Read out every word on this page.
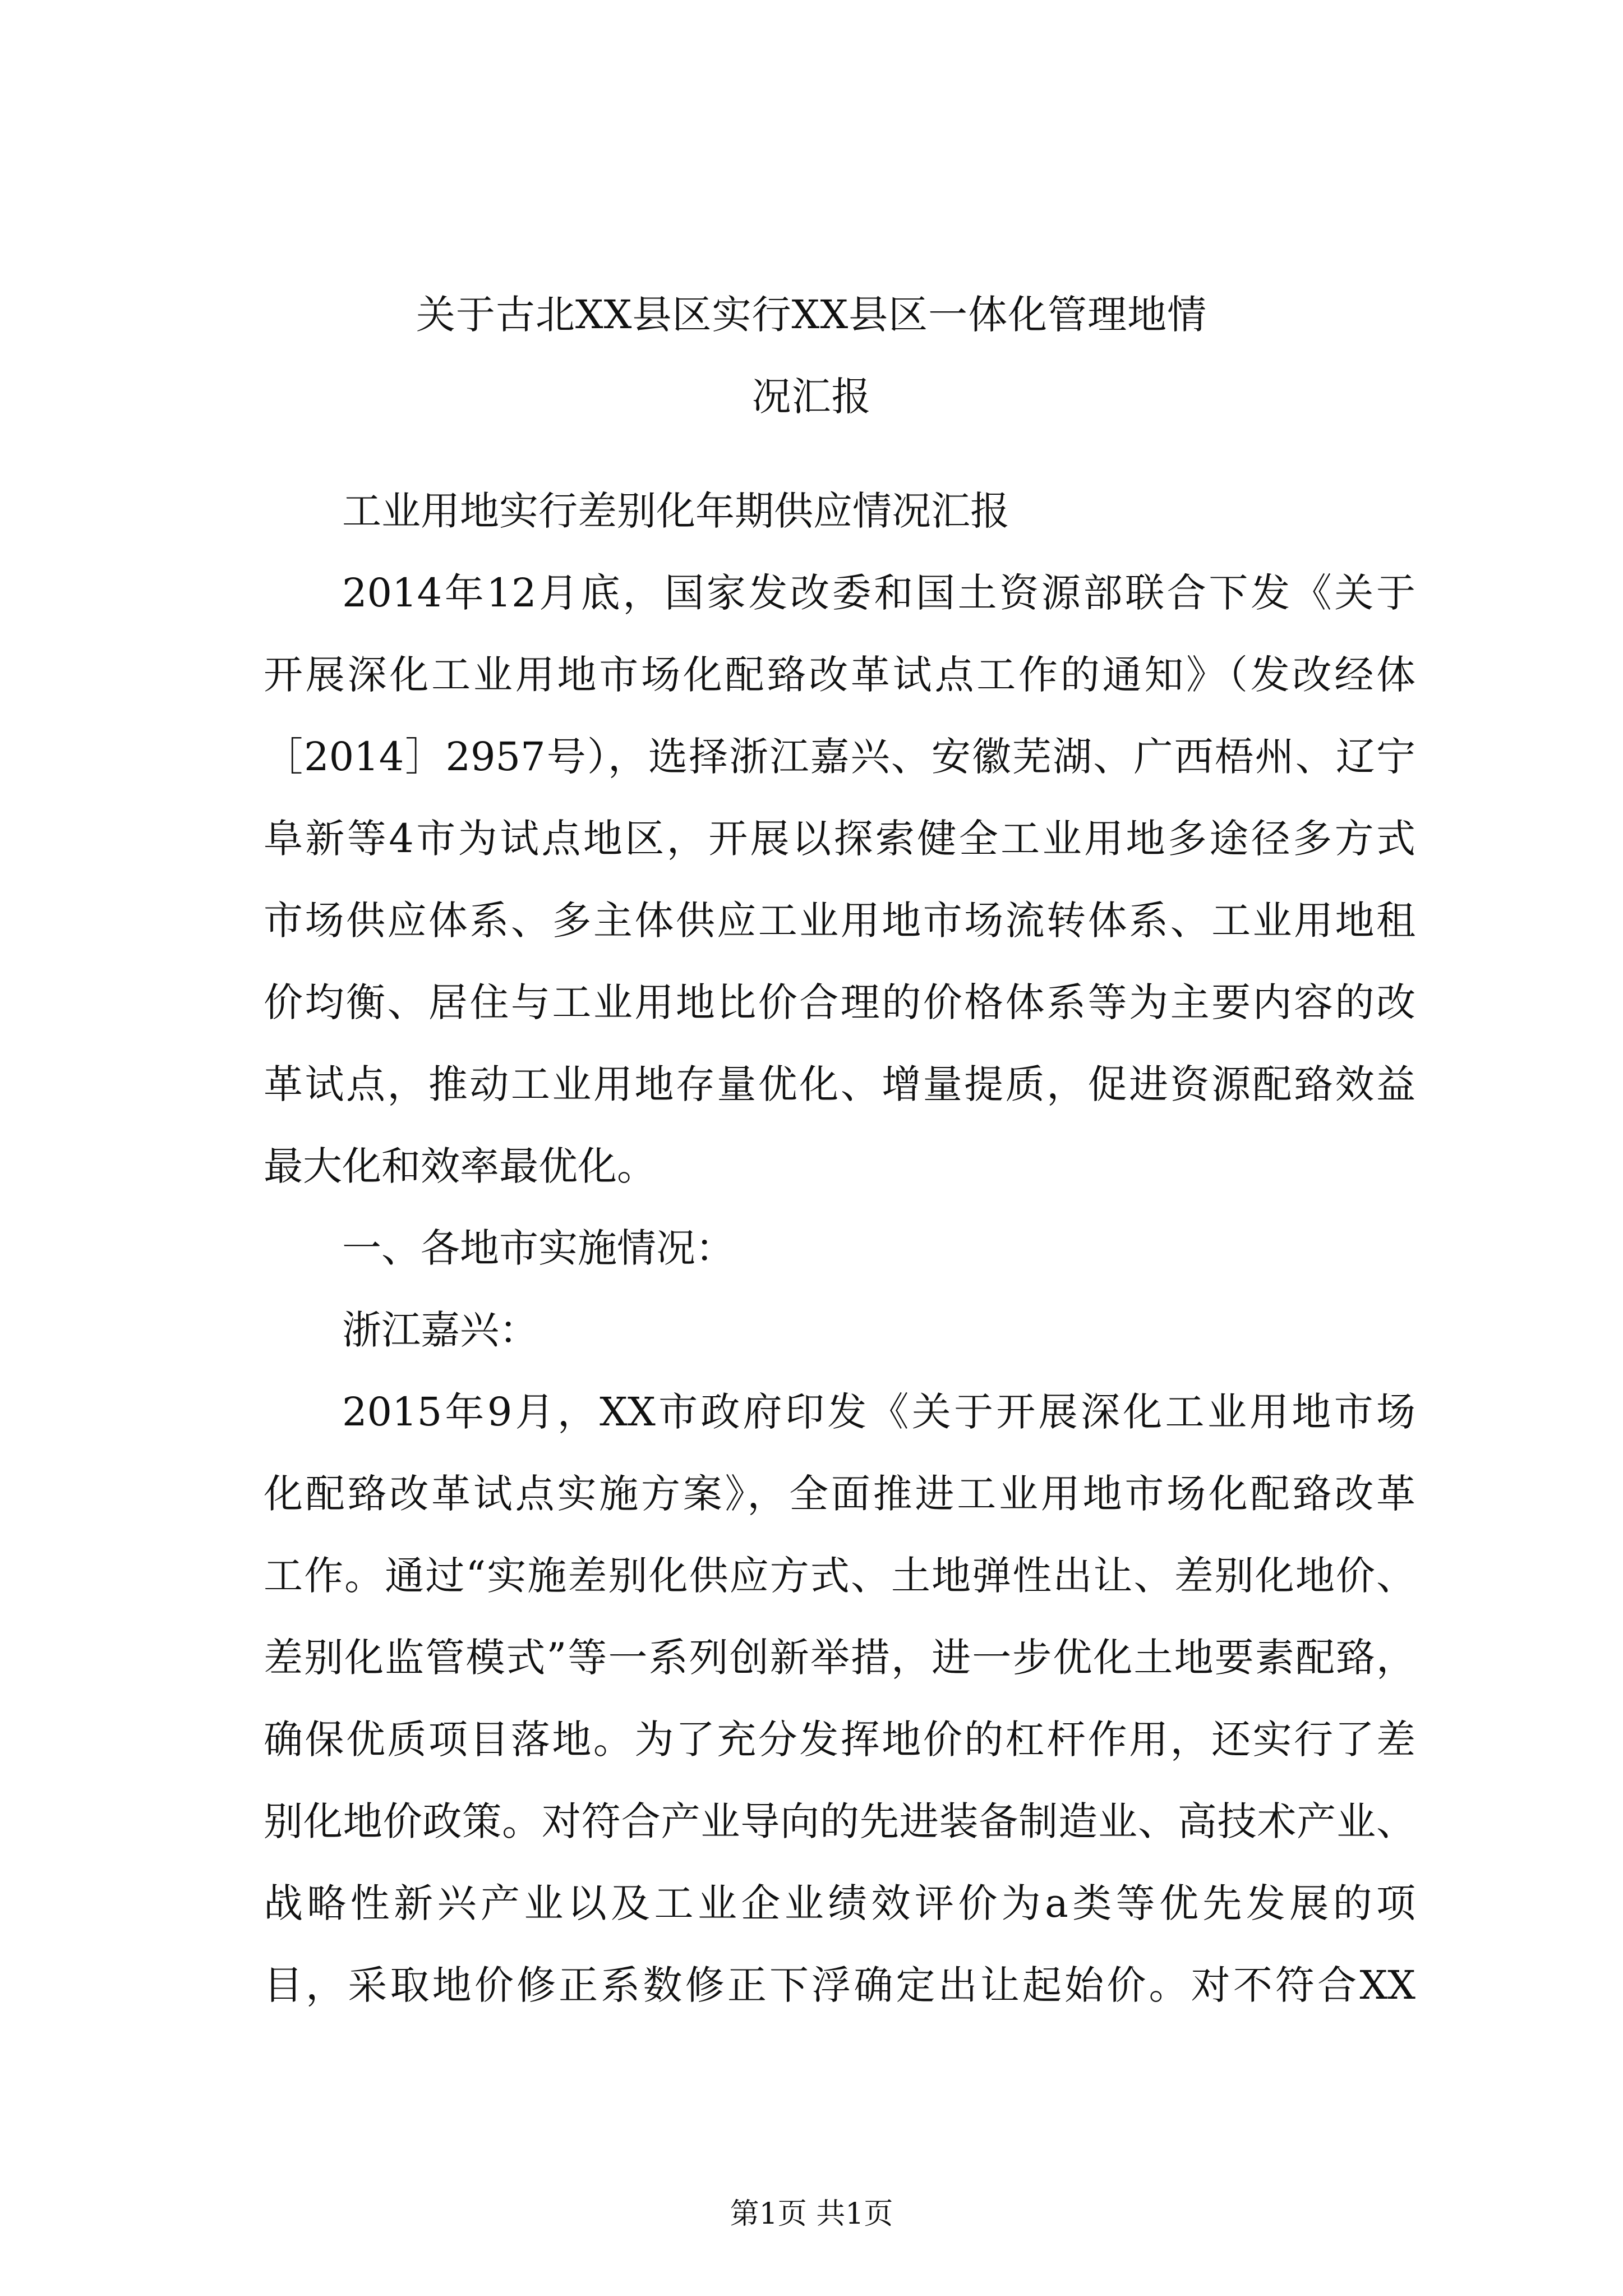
关于古北XX县区实行XX县区一体化管理地情
况汇报
工业用地实行差别化年期供应情况汇报
2014年12月底，国家发改委和国土资源部联合下发《关于
开展深化工业用地市场化配臵改革试点工作的通知》（发改经体
［2014］2957号），选择浙江嘉兴、安徽芜湖、广西梧州、辽宁
阜新等4市为试点地区，开展以探索健全工业用地多途径多方式
市场供应体系、多主体供应工业用地市场流转体系、工业用地租
价均衡、居住与工业用地比价合理的价格体系等为主要内容的改
革试点，推动工业用地存量优化、增量提质，促进资源配臵效益
最大化和效率最优化。
一、各地市实施情况：
浙江嘉兴：
2015年9月，XX市政府印发《关于开展深化工业用地市场
化配臵改革试点实施方案》，全面推进工业用地市场化配臵改革
工作。通过“实施差别化供应方式、土地弹性出让、差别化地价、
差别化监管模式”等一系列创新举措，进一步优化土地要素配臵，
确保优质项目落地。为了充分发挥地价的杠杆作用，还实行了差
别化地价政策。对符合产业导向的先进装备制造业、高技术产业、
战略性新兴产业以及工业企业绩效评价为a类等优先发展的项
目，采取地价修正系数修正下浮确定出让起始价。对不符合XX
第1页 共1页
